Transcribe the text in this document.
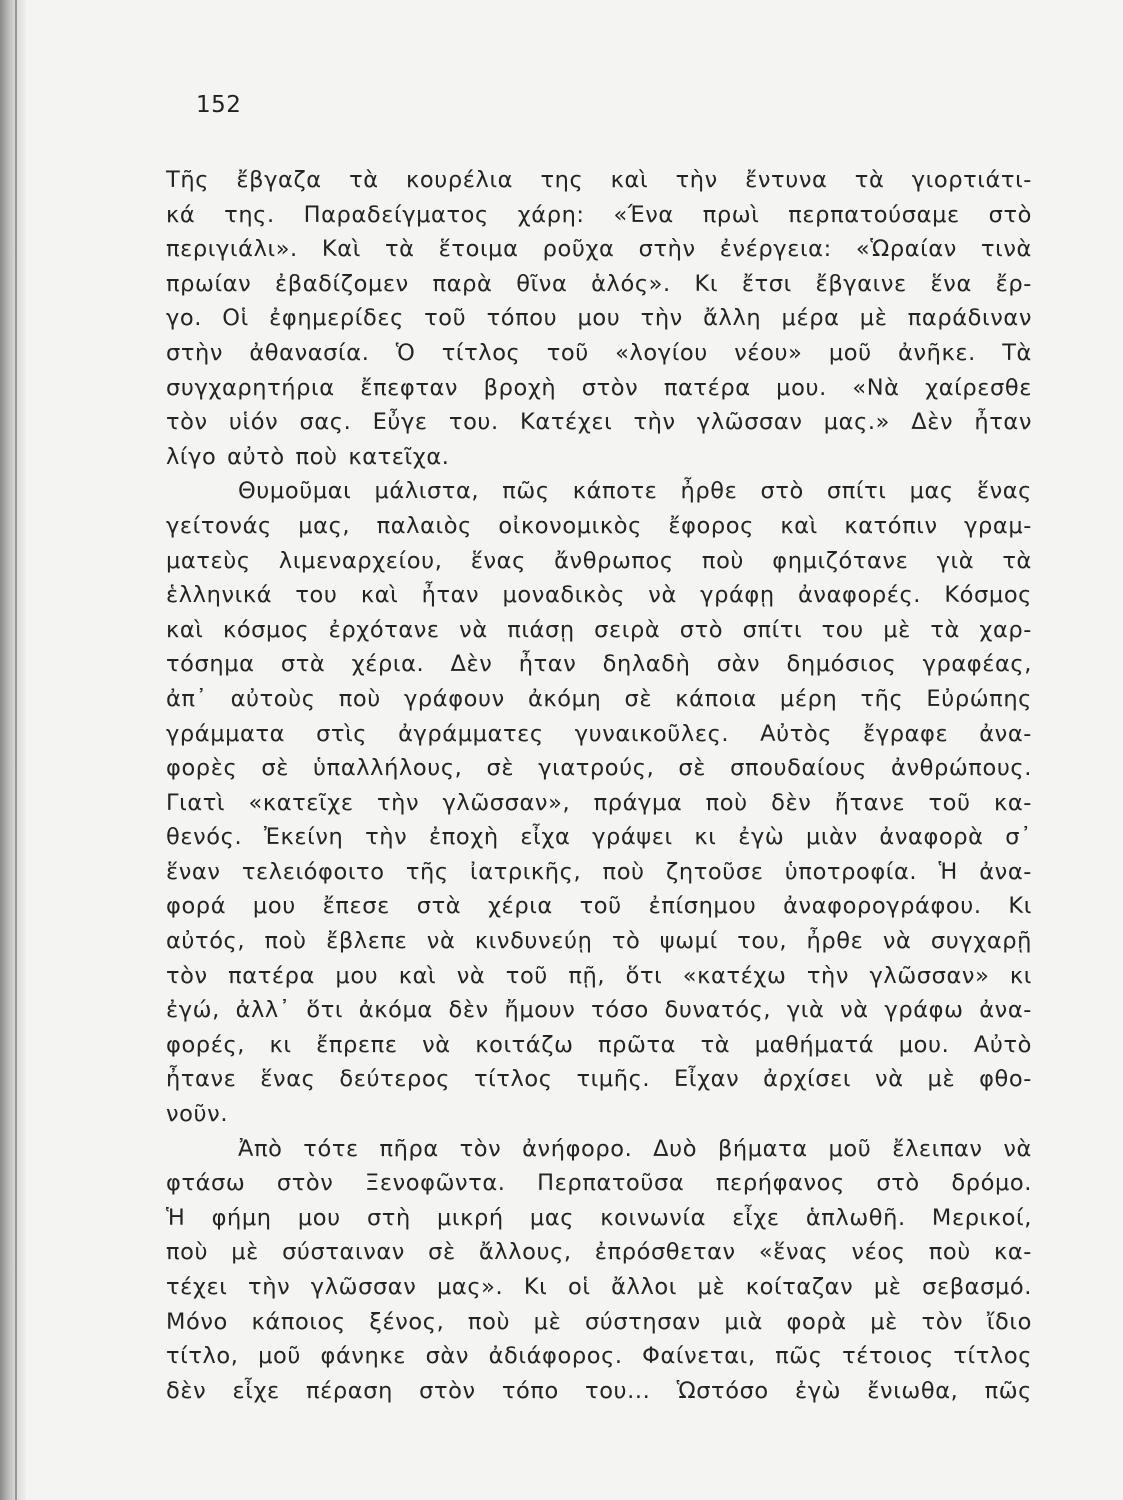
152
Τῆς ἔβγαζα τὰ κουρέλια της καὶ τὴν ἔντυνα τὰ γιορτιάτι-
κά της. Παραδείγματος χάρη: «Ένα πρωὶ περπατούσαμε στὸ
περιγιάλι». Καὶ τὰ ἕτοιμα ροῦχα στὴν ἐνέργεια: «Ὡραίαν τινὰ
πρωίαν ἐβαδίζομεν παρὰ θῖνα ἁλός». Κι ἔτσι ἔβγαινε ἕνα ἔρ-
γο. Οἱ ἐφημερίδες τοῦ τόπου μου τὴν ἄλλη μέρα μὲ παράδιναν
στὴν ἀθανασία. Ὁ τίτλος τοῦ «λογίου νέου» μοῦ ἀνῆκε. Τὰ
συγχαρητήρια ἔπεφταν βροχὴ στὸν πατέρα μου. «Νὰ χαίρεσθε
τὸν υἱόν σας. Εὖγε του. Κατέχει τὴν γλῶσσαν μας.» Δὲν ἦταν
λίγο αὐτὸ ποὺ κατεῖχα.
Θυμοῦμαι μάλιστα, πῶς κάποτε ἦρθε στὸ σπίτι μας ἕνας
γείτονάς μας, παλαιὸς οἰκονομικὸς ἔφορος καὶ κατόπιν γραμ-
ματεὺς λιμεναρχείου, ἕνας ἄνθρωπος ποὺ φημιζότανε γιὰ τὰ
ἑλληνικά του καὶ ἦταν μοναδικὸς νὰ γράφῃ ἀναφορές. Κόσμος
καὶ κόσμος ἐρχότανε νὰ πιάσῃ σειρὰ στὸ σπίτι του μὲ τὰ χαρ-
τόσημα στὰ χέρια. Δὲν ἦταν δηλαδὴ σὰν δημόσιος γραφέας,
ἀπ᾽ αὐτοὺς ποὺ γράφουν ἀκόμη σὲ κάποια μέρη τῆς Εὐρώπης
γράμματα στὶς ἀγράμματες γυναικοῦλες. Αὐτὸς ἔγραφε ἀνα-
φορὲς σὲ ὑπαλλήλους, σὲ γιατρούς, σὲ σπουδαίους ἀνθρώπους.
Γιατὶ «κατεῖχε τὴν γλῶσσαν», πράγμα ποὺ δὲν ἤτανε τοῦ κα-
θενός. Ἐκείνη τὴν ἐποχὴ εἶχα γράψει κι ἐγὼ μιὰν ἀναφορὰ σ᾽
ἕναν τελειόφοιτο τῆς ἰατρικῆς, ποὺ ζητοῦσε ὑποτροφία. Ἡ ἀνα-
φορά μου ἔπεσε στὰ χέρια τοῦ ἐπίσημου ἀναφορογράφου. Κι
αὐτός, ποὺ ἔβλεπε νὰ κινδυνεύῃ τὸ ψωμί του, ἦρθε νὰ συγχαρῇ
τὸν πατέρα μου καὶ νὰ τοῦ πῇ, ὅτι «κατέχω τὴν γλῶσσαν» κι
ἐγώ, ἀλλ᾽ ὅτι ἀκόμα δὲν ἤμουν τόσο δυνατός, γιὰ νὰ γράφω ἀνα-
φορές, κι ἔπρεπε νὰ κοιτάζω πρῶτα τὰ μαθήματά μου. Αὐτὸ
ἦτανε ἕνας δεύτερος τίτλος τιμῆς. Εἶχαν ἀρχίσει νὰ μὲ φθο-
νοῦν.
Ἀπὸ τότε πῆρα τὸν ἀνήφορο. Δυὸ βήματα μοῦ ἔλειπαν νὰ
φτάσω στὸν Ξενοφῶντα. Περπατοῦσα περήφανος στὸ δρόμο.
Ἡ φήμη μου στὴ μικρή μας κοινωνία εἶχε ἁπλωθῆ. Μερικοί,
ποὺ μὲ σύσταιναν σὲ ἄλλους, ἐπρόσθεταν «ἕνας νέος ποὺ κα-
τέχει τὴν γλῶσσαν μας». Κι οἱ ἄλλοι μὲ κοίταζαν μὲ σεβασμό.
Μόνο κάποιος ξένος, ποὺ μὲ σύστησαν μιὰ φορὰ μὲ τὸν ἴδιο
τίτλο, μοῦ φάνηκε σὰν ἀδιάφορος. Φαίνεται, πῶς τέτοιος τίτλος
δὲν εἶχε πέραση στὸν τόπο του... Ὡστόσο ἐγὼ ἔνιωθα, πῶς
